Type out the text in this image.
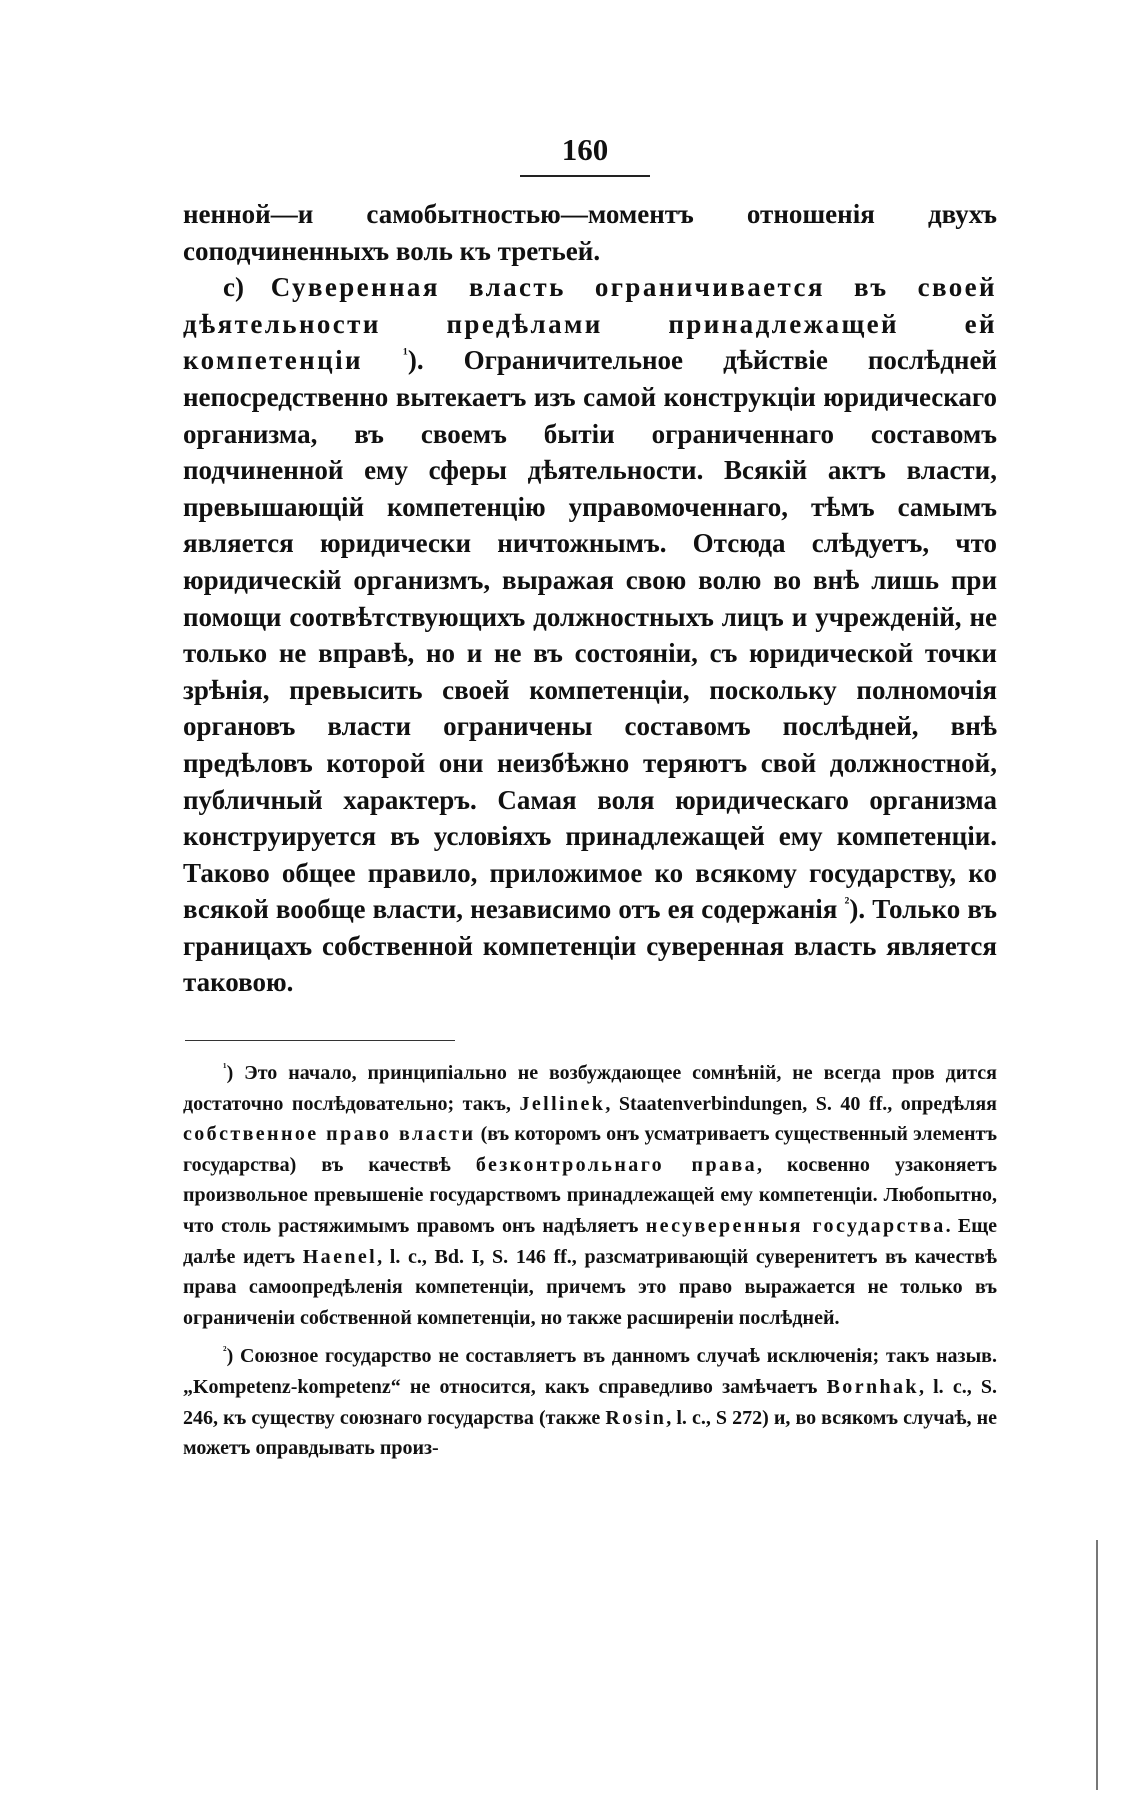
160

ненной—и самобытностью—моментъ отношенія двухъ соподчиненныхъ воль къ третьей.

с) Суверенная власть ограничивается въ своей дѣятельности предѣлами принадлежащей ей компетенціи $^{^1}$). Ограничительное дѣйствіе послѣдней непосредственно вытекаетъ изъ самой конструкціи юридическаго организма, въ своемъ бытіи ограниченнаго составомъ подчиненной ему сферы дѣятельности. Всякій актъ власти, превышающій компетенцію управомоченнаго, тѣмъ самымъ является юридически ничтожнымъ. Отсюда слѣдуетъ, что юридическій организмъ, выражая свою волю во внѣ лишь при помощи соотвѣтствующихъ должностныхъ лицъ и учрежденій, не только не вправѣ, но и не въ состояніи, съ юридической точки зрѣнія, превысить своей компетенціи, поскольку полномочія органовъ власти ограничены составомъ послѣдней, внѣ предѣловъ которой они неизбѣжно теряютъ свой должностной, публичный характеръ. Самая воля юридическаго организма конструируется въ условіяхъ принадлежащей ему компетенціи. Таково общее правило, приложимое ко всякому государству, ко всякой вообще власти, независимо отъ ея содержанія $^{^2}$). Только въ границахъ собственной компетенціи суверенная власть является таковою.

$^{^1}$) Это начало, принципіально не возбуждающее сомнѣній, не всегда пров дится достаточно послѣдовательно; такъ, Jellinek, Staatenverbindungen, S. 40 ff., опредѣляя собственное право власти (въ которомъ онъ усматриваетъ существенный элементъ государства) въ качествѣ безконтрольнаго права, косвенно узаконяетъ произвольное превышеніе государствомъ принадлежащей ему компетенціи. Любопытно, что столь растяжимымъ правомъ онъ надѣляетъ несуверенныя государства. Еще далѣе идетъ Haenel, l. c., Bd. I, S. 146 ff., разсматривающій суверенитетъ въ качествѣ права самоопредѣленія компетенціи, причемъ это право выражается не только въ ограниченіи собственной компетенціи, но также расширеніи послѣдней.

$^{^2}$) Союзное государство не составляетъ въ данномъ случаѣ исключенія; такъ назыв. „Kompetenz-kompetenz“ не относится, какъ справедливо замѣчаетъ Bornhak, l. c., S. 246, къ существу союзнаго государства (также Rosin, l. c., S 272) и, во всякомъ случаѣ, не можетъ оправдывать произ-
